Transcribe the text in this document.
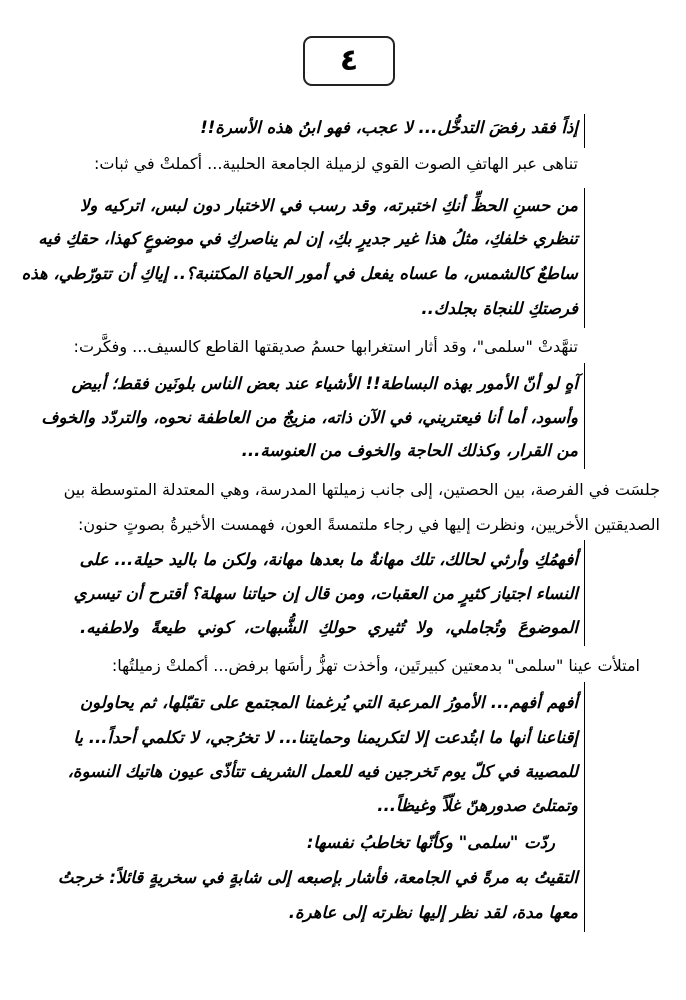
٤
إذاً فقد رفضَ التدخُّل... لا عجب، فهو ابنُ هذه الأسرة!!
تناهى عبر الهاتفِ الصوت القوي لزميلة الجامعة الحلبية... أكملتْ في ثبات:
من حسنِ الحظِّ أنكِ اختبرته، وقد رسب في الاختبار دون لبس، اتركيه ولا
تنظري خلفكِ، مثلُ هذا غير جديرٍ بكِ، إن لم يناصركِ في موضوعٍ كهذا، حقكِ فيه
ساطعٌ كالشمس، ما عساه يفعل في أمور الحياة المكتنبة؟.. إياكِ أن تتورّطي، هذه
فرصتكِ للنجاة بجلدك..
تنهَّدتْ "سلمى"، وقد أثار استغرابها حسمُ صديقتها القاطع كالسيف... وفكَّرت:
آهٍ لو أنّ الأمور بهذه البساطة!! الأشياء عند بعض الناس بلونَين فقط؛ أبيض
وأسود، أما أنا فيعتريني، في الآن ذاته، مزيجٌ من العاطفة نحوه، والتردّد والخوف
من القرار، وكذلك الحاجة والخوف من العنوسة...
جلسَت في الفرصة، بين الحصتين، إلى جانب زميلتها المدرسة، وهي المعتدلة المتوسطة بين
الصديقتين الأخريين، ونظرت إليها في رجاء ملتمسةً العون، فهمست الأخيرةُ بصوتٍ حنون:
أفهمُكِ وأرثي لحالك، تلك مهانةٌ ما بعدها مهانة، ولكن ما باليد حيلة... على
النساء اجتياز كثيرٍ من العقبات، ومن قال إن حياتنا سهلة؟ أقترح أن تيسري
الموضوعَ وتُجاملي، ولا تُثيري حولكِ الشُّبهات، كوني طيعةً ولاطفيه.
امتلأت عينا "سلمى" بدمعتين كبيرتَين، وأخذت تهزُّ رأسَها برفض... أكملتْ زميلتُها:
أفهم أفهم... الأمورُ المرعبة التي يُرغمنا المجتمع على تقبّلها، ثم يحاولون
إقناعنا أنها ما ابتُدعت إلا لتكريمنا وحمايتنا... لا تخرُجي، لا تكلمي أحداً... يا
للمصيبة في كلّ يوم تَخرجين فيه للعمل الشريف تتأذّى عيون هاتيك النسوة،
وتمتلئ صدورهنّ غلّاً وغيظاً...
ردّت "سلمى" وكأنّها تخاطبُ نفسها:
التقيتُ به مرةً في الجامعة، فأشار بإصبعه إلى شابةٍ في سخريةٍ قائلاً: خرجتُ
معها مدة، لقد نظر إليها نظرته إلى عاهرة.
